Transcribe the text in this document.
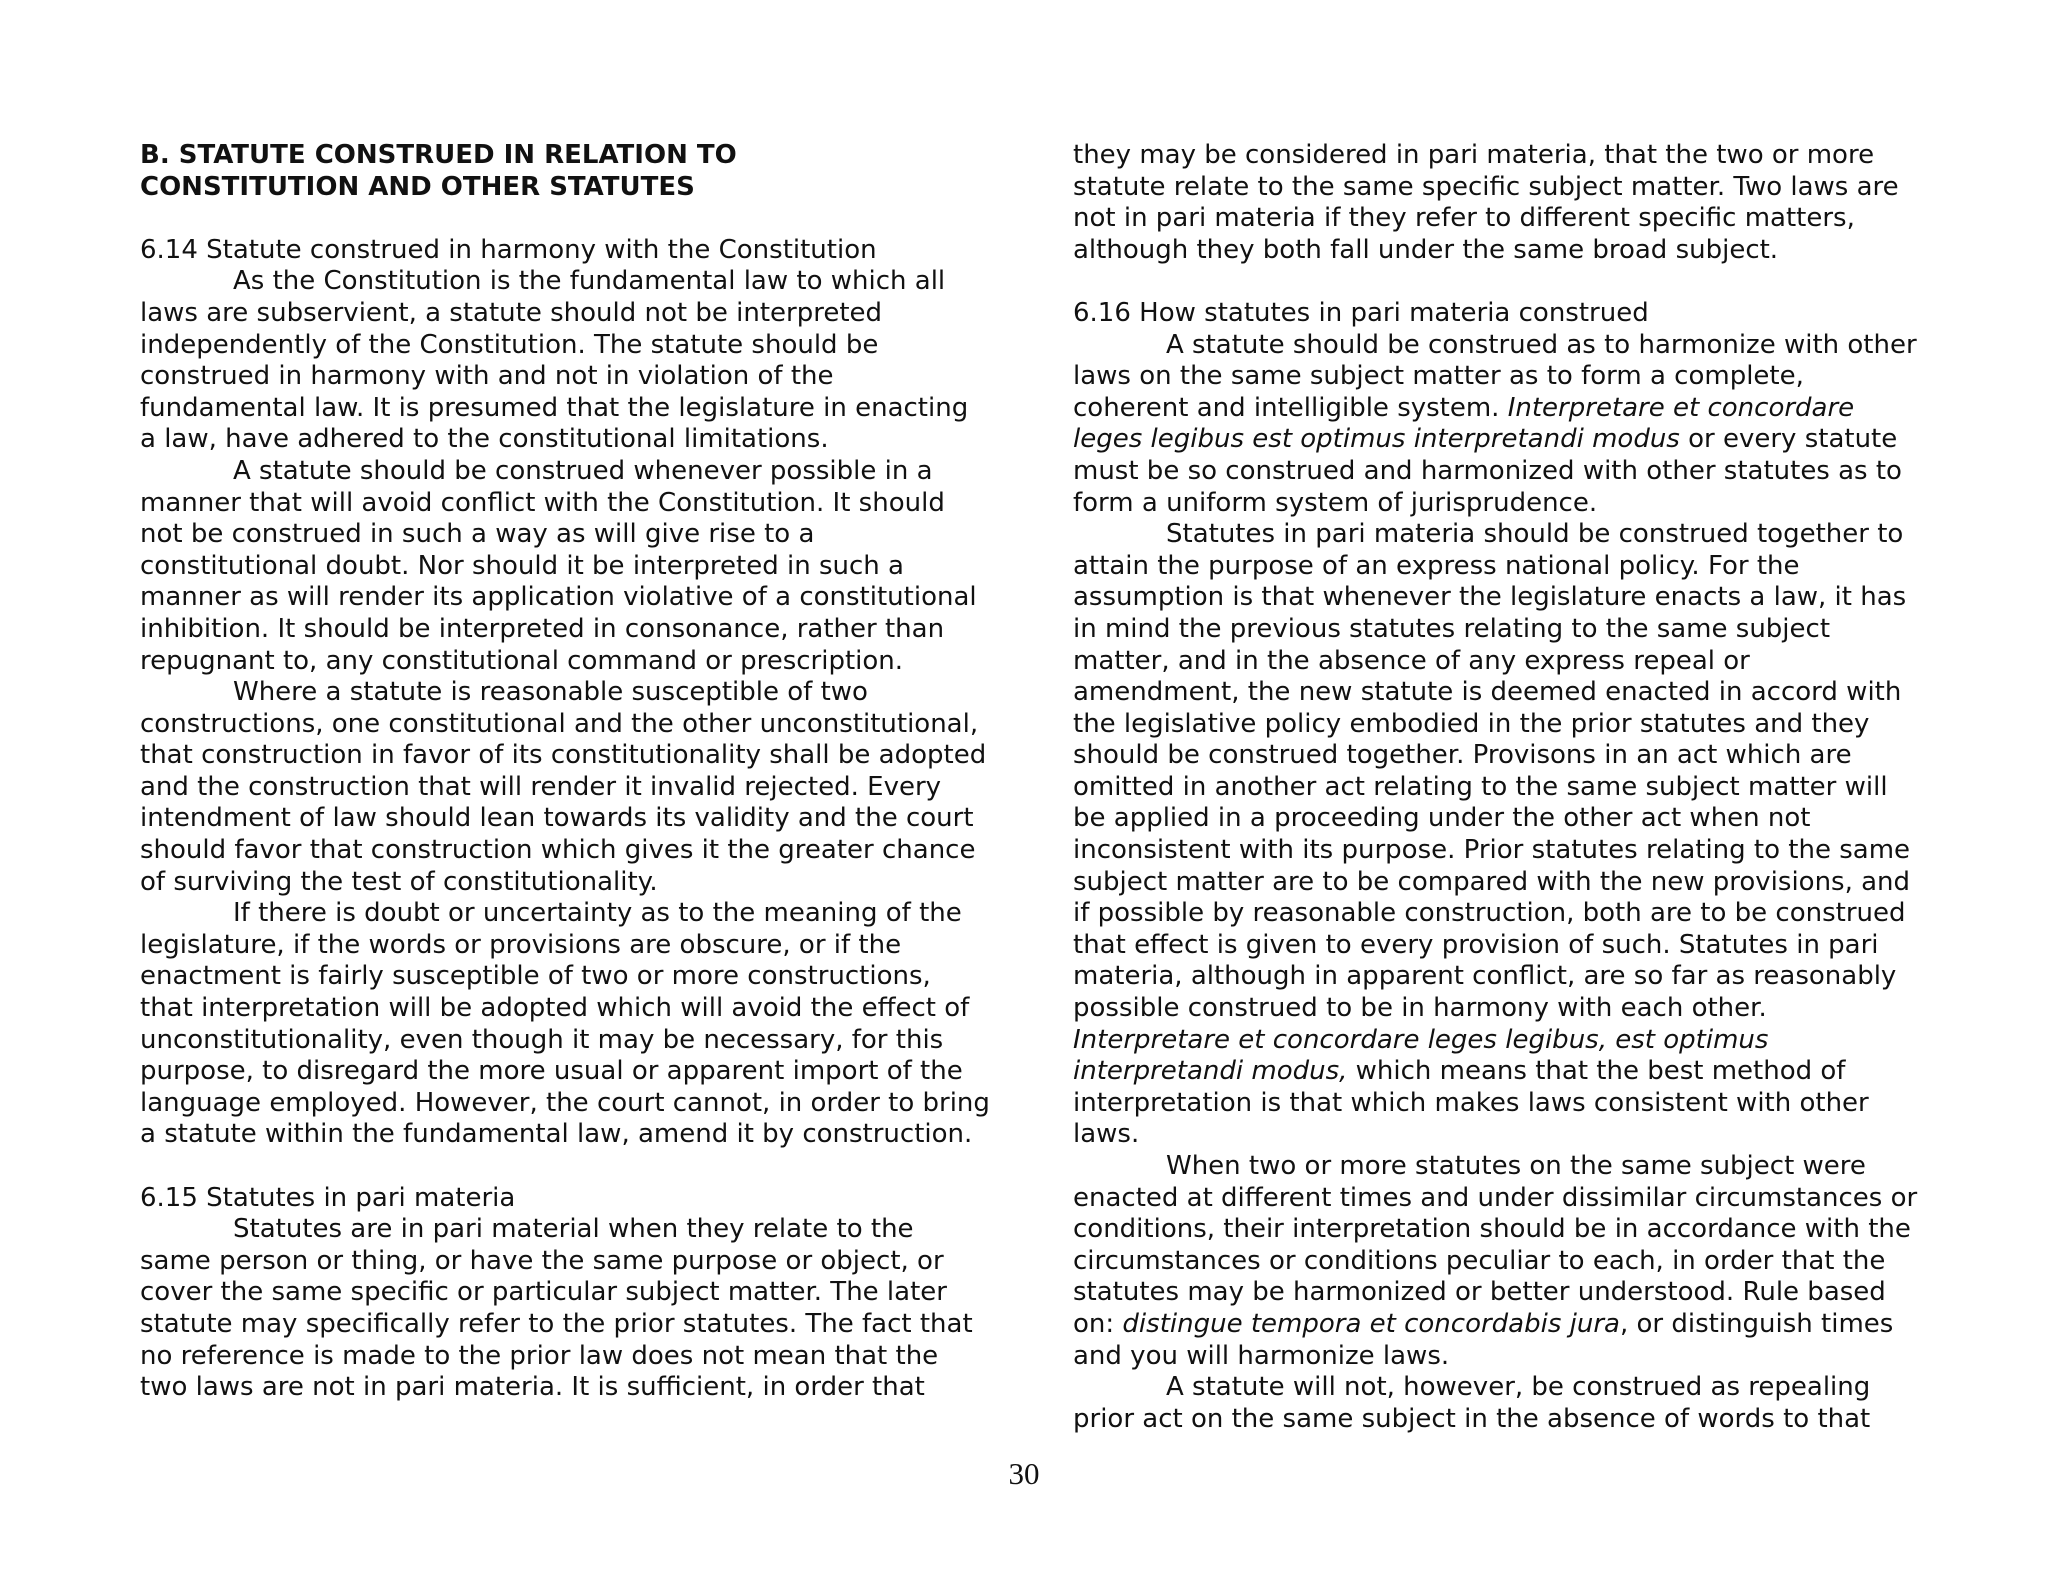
B. STATUTE CONSTRUED IN RELATION TO
CONSTITUTION AND OTHER STATUTES

6.14 Statute construed in harmony with the Constitution

As the Constitution is the fundamental law to which all laws are subservient, a statute should not be interpreted independently of the Constitution. The statute should be construed in harmony with and not in violation of the fundamental law. It is presumed that the legislature in enacting a law, have adhered to the constitutional limitations.

A statute should be construed whenever possible in a manner that will avoid conflict with the Constitution. It should not be construed in such a way as will give rise to a constitutional doubt. Nor should it be interpreted in such a manner as will render its application violative of a constitutional inhibition. It should be interpreted in consonance, rather than repugnant to, any constitutional command or prescription.

Where a statute is reasonable susceptible of two constructions, one constitutional and the other unconstitutional, that construction in favor of its constitutionality shall be adopted and the construction that will render it invalid rejected. Every intendment of law should lean towards its validity and the court should favor that construction which gives it the greater chance of surviving the test of constitutionality.

If there is doubt or uncertainty as to the meaning of the legislature, if the words or provisions are obscure, or if the enactment is fairly susceptible of two or more constructions, that interpretation will be adopted which will avoid the effect of unconstitutionality, even though it may be necessary, for this purpose, to disregard the more usual or apparent import of the language employed. However, the court cannot, in order to bring a statute within the fundamental law, amend it by construction.

6.15 Statutes in pari materia

Statutes are in pari material when they relate to the same person or thing, or have the same purpose or object, or cover the same specific or particular subject matter. The later statute may specifically refer to the prior statutes. The fact that no reference is made to the prior law does not mean that the two laws are not in pari materia. It is sufficient, in order that

they may be considered in pari materia, that the two or more statute relate to the same specific subject matter. Two laws are not in pari materia if they refer to different specific matters, although they both fall under the same broad subject.

6.16 How statutes in pari materia construed

A statute should be construed as to harmonize with other laws on the same subject matter as to form a complete, coherent and intelligible system. Interpretare et concordare leges legibus est optimus interpretandi modus or every statute must be so construed and harmonized with other statutes as to form a uniform system of jurisprudence.

Statutes in pari materia should be construed together to attain the purpose of an express national policy. For the assumption is that whenever the legislature enacts a law, it has in mind the previous statutes relating to the same subject matter, and in the absence of any express repeal or amendment, the new statute is deemed enacted in accord with the legislative policy embodied in the prior statutes and they should be construed together. Provisons in an act which are omitted in another act relating to the same subject matter will be applied in a proceeding under the other act when not inconsistent with its purpose. Prior statutes relating to the same subject matter are to be compared with the new provisions, and if possible by reasonable construction, both are to be construed that effect is given to every provision of such. Statutes in pari materia, although in apparent conflict, are so far as reasonably possible construed to be in harmony with each other. Interpretare et concordare leges legibus, est optimus interpretandi modus, which means that the best method of interpretation is that which makes laws consistent with other laws.

When two or more statutes on the same subject were enacted at different times and under dissimilar circumstances or conditions, their interpretation should be in accordance with the circumstances or conditions peculiar to each, in order that the statutes may be harmonized or better understood. Rule based on: distingue tempora et concordabis jura, or distinguish times and you will harmonize laws.

A statute will not, however, be construed as repealing prior act on the same subject in the absence of words to that

30
